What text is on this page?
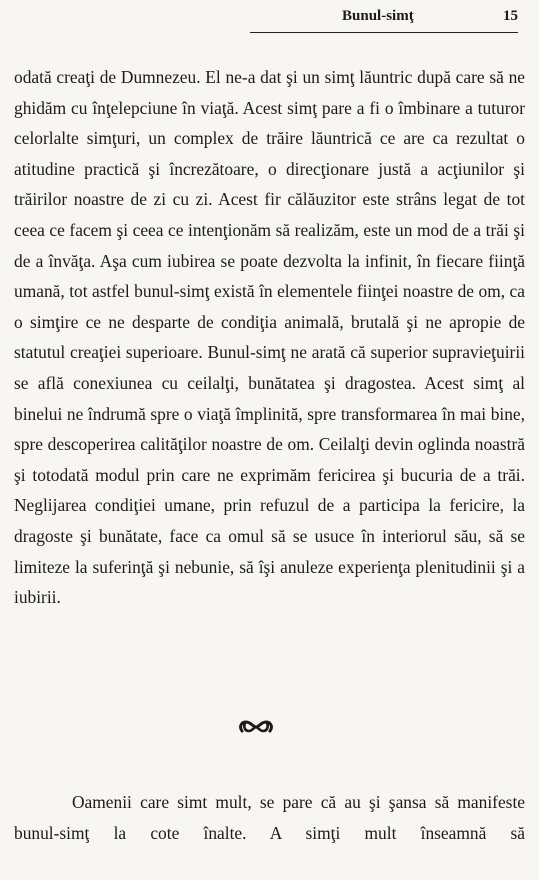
Bunul-simţ	15

odată creaţi de Dumnezeu. El ne-a dat şi un simţ lăuntric după care să ne ghidăm cu înţelepciune în viaţă. Acest simţ pare a fi o îmbinare a tuturor celorlalte simţuri, un complex de trăire lăuntrică ce are ca rezultat o atitudine practică şi încrezătoare, o direcţionare justă a acţiunilor şi trăirilor noastre de zi cu zi. Acest fir călăuzitor este strâns legat de tot ceea ce facem şi ceea ce intenţionăm să realizăm, este un mod de a trăi şi de a învăţa. Aşa cum iubirea se poate dezvolta la infinit, în fiecare fiinţă umană, tot astfel bunul-simţ există în elementele fiinţei noastre de om, ca o simţire ce ne desparte de condiţia animală, brutală şi ne apropie de statutul creaţiei superioare. Bunul-simţ ne arată că superior supravieţuirii se află conexiunea cu ceilalţi, bunătatea şi dragostea. Acest simţ al binelui ne îndrumă spre o viaţă împlinită, spre transformarea în mai bine, spre descoperirea calităţilor noastre de om. Ceilalţi devin oglinda noastră şi totodată modul prin care ne exprimăm fericirea şi bucuria de a trăi. Neglijarea condiţiei umane, prin refuzul de a participa la fericire, la dragoste şi bunătate, face ca omul să se usuce în interiorul său, să se limiteze la suferinţă şi nebunie, să îşi anuleze experienţa plenitudinii şi a iubirii.

Oamenii care simt mult, se pare că au şi şansa să manifeste bunul-simţ la cote înalte. A simţi mult înseamnă să
